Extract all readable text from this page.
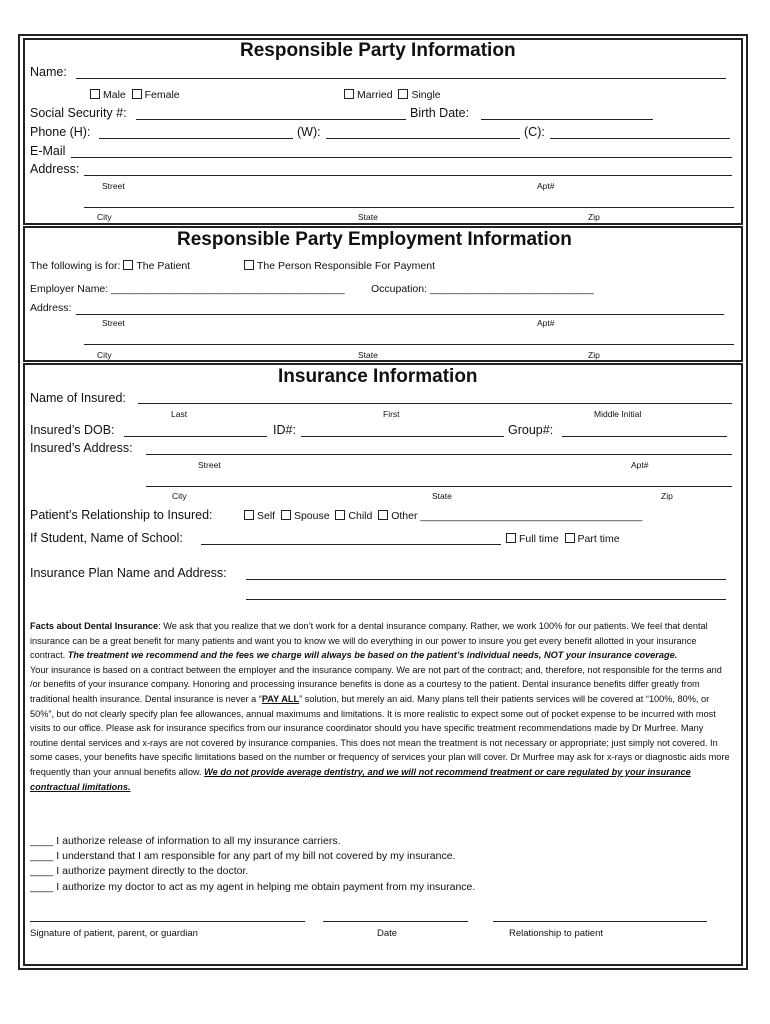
Responsible Party Information
Name:
Male Female	Married Single
Social Security #:	Birth Date:
Phone (H):	(W):	(C):
E-Mail
Address:
Street	Apt#
City	State	Zip
Responsible Party Employment Information
The following is for: The Patient	The Person Responsible For Payment
Employer Name: ________________________________________	Occupation: ____________________________
Address:
Street	Apt#
City	State	Zip
Insurance Information
Name of Insured:
Last	First	Middle Initial
Insured’s DOB:	ID#:	Group#:
Insured’s Address:
Street	Apt#
City	State	Zip
Patient’s Relationship to Insured:	Self Spouse Child Other ______________________________________
If Student, Name of School:	Full time Part time
Insurance Plan Name and Address:

Facts about Dental Insurance: We ask that you realize that we don’t work for a dental insurance company. Rather, we work 100% for our patients. We feel that dental insurance can be a great benefit for many patients and want you to know we will do everything in our power to insure you get every benefit allotted in your insurance contract. The treatment we recommend and the fees we charge will always be based on the patient’s individual needs, NOT your insurance coverage.

Your insurance is based on a contract between the employer and the insurance company. We are not part of the contract; and, therefore, not responsible for the terms and /or benefits of your insurance company. Honoring and processing insurance benefits is done as a courtesy to the patient. Dental insurance benefits differ greatly from traditional health insurance. Dental insurance is never a “PAY ALL” solution, but merely an aid. Many plans tell their patients services will be covered at “100%, 80%, or 50%”, but do not clearly specify plan fee allowances, annual maximums and limitations. It is more realistic to expect some out of pocket expense to be incurred with most visits to our office. Please ask for insurance specifics from our insurance coordinator should you have specific treatment recommendations made by Dr Murfree. Many routine dental services and x-rays are not covered by insurance companies. This does not mean the treatment is not necessary or appropriate; just simply not covered. In some cases, your benefits have specific limitations based on the number or frequency of services your plan will cover. Dr Murfree may ask for x-rays or diagnostic aids more frequently than your annual benefits allow. We do not provide average dentistry, and we will not recommend treatment or care regulated by your insurance contractual limitations.

____ I authorize release of information to all my insurance carriers.
____ I understand that I am responsible for any part of my bill not covered by my insurance.
____ I authorize payment directly to the doctor.
____ I authorize my doctor to act as my agent in helping me obtain payment from my insurance.
Signature of patient, parent, or guardian	Date	Relationship to patient
